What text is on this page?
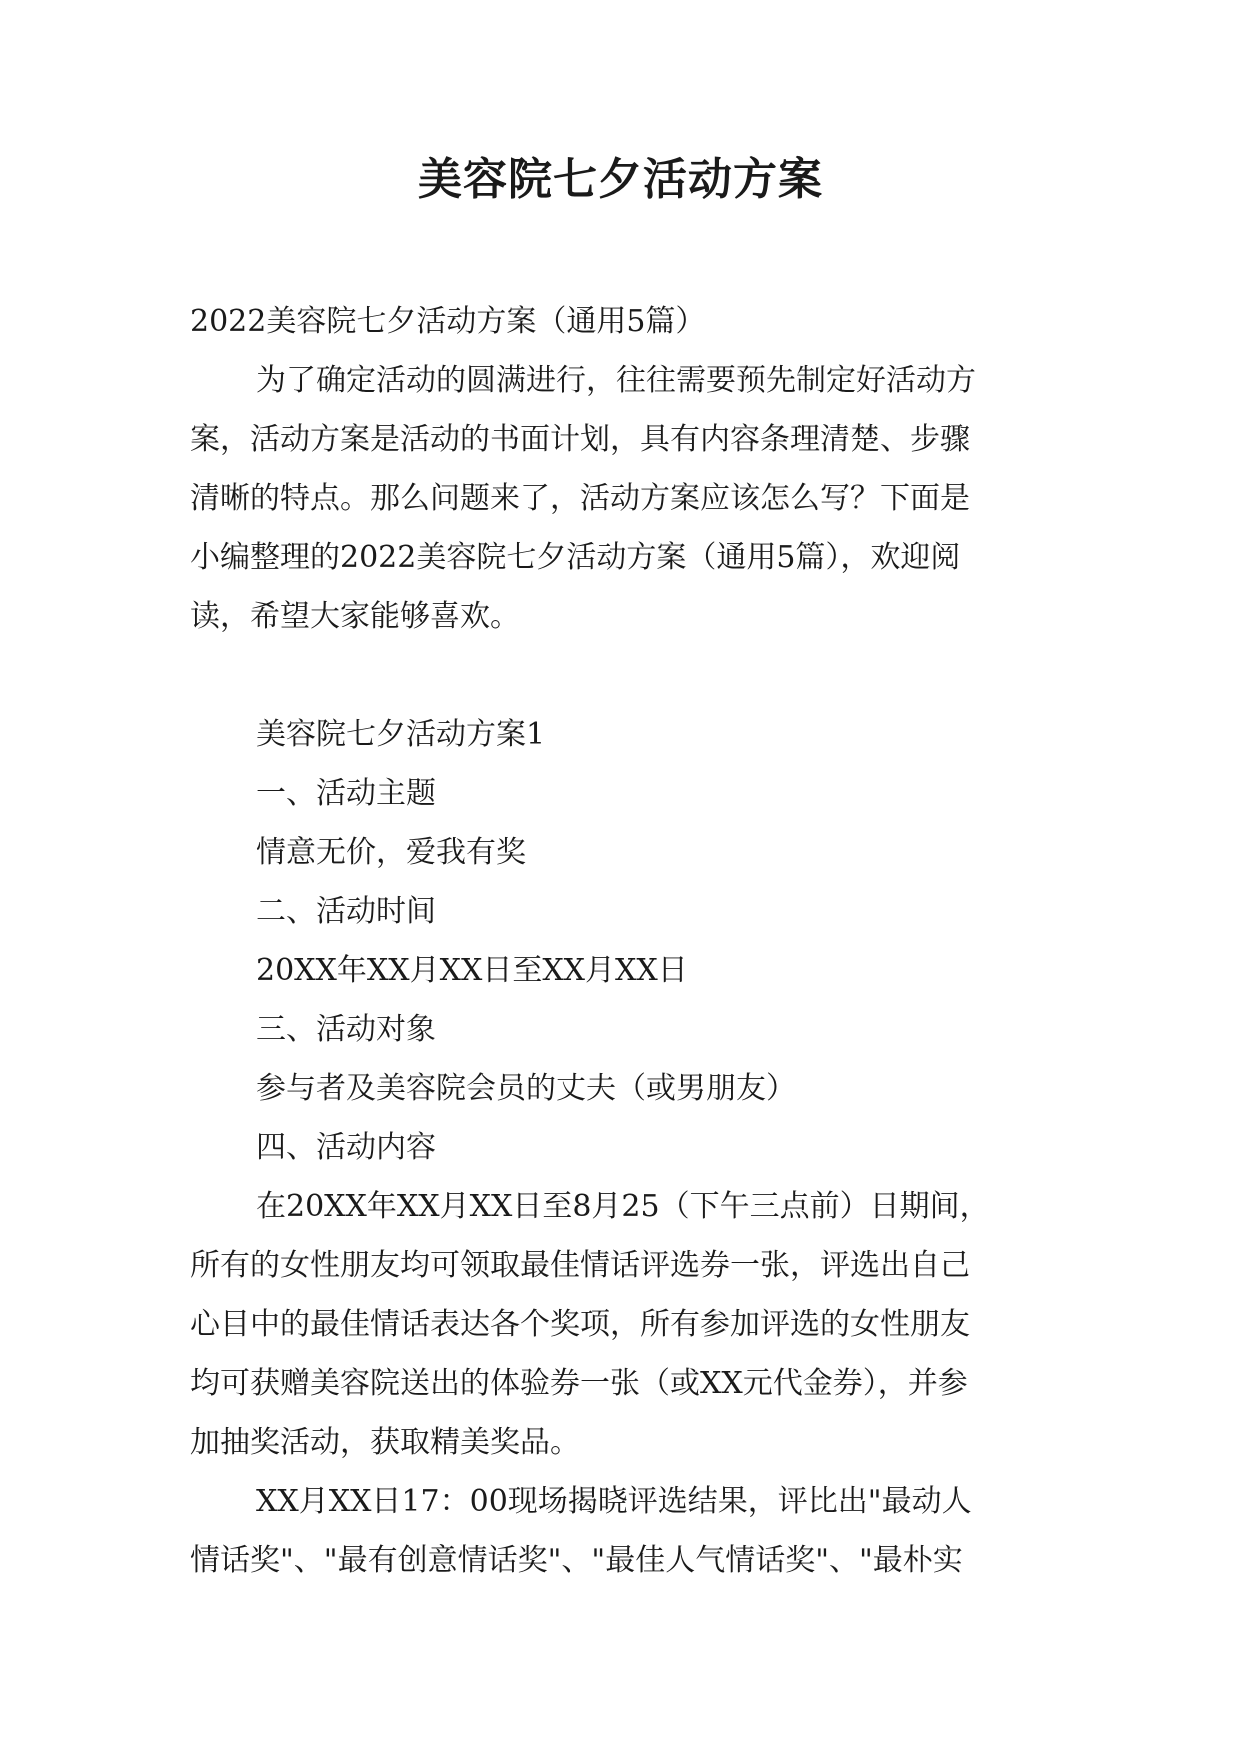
美容院七夕活动方案

2022美容院七夕活动方案（通用5篇）

为了确定活动的圆满进行，往往需要预先制定好活动方

案，活动方案是活动的书面计划，具有内容条理清楚、步骤

清晰的特点。那么问题来了，活动方案应该怎么写？下面是

小编整理的2022美容院七夕活动方案（通用5篇），欢迎阅

读，希望大家能够喜欢。

美容院七夕活动方案1

一、活动主题

情意无价，爱我有奖

二、活动时间

20XX年XX月XX日至XX月XX日

三、活动对象

参与者及美容院会员的丈夫（或男朋友）

四、活动内容

在20XX年XX月XX日至8月25（下午三点前）日期间，

所有的女性朋友均可领取最佳情话评选券一张，评选出自己

心目中的最佳情话表达各个奖项，所有参加评选的女性朋友

均可获赠美容院送出的体验券一张（或XX元代金券），并参

加抽奖活动，获取精美奖品。

XX月XX日17：00现场揭晓评选结果，评比出"最动人

情话奖"、"最有创意情话奖"、"最佳人气情话奖"、"最朴实
